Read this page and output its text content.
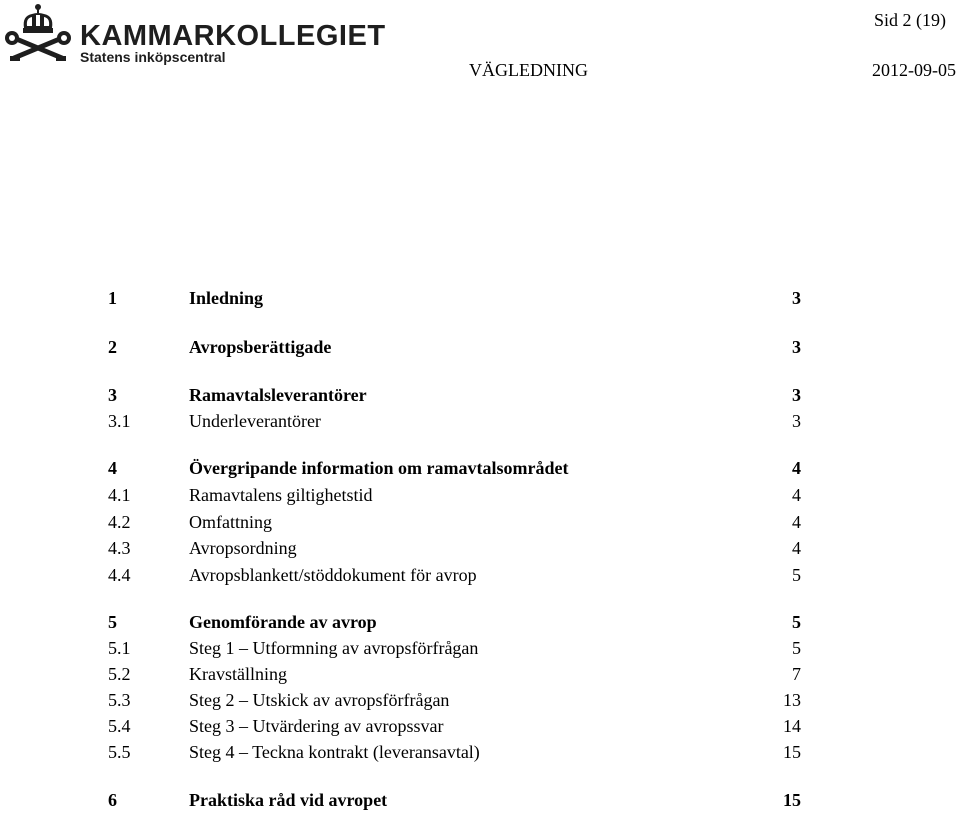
KAMMARKOLLEGIET
Statens inköpscentral
Sid 2 (19)
VÄGLEDNING	2012-09-05
1	Inledning	3
2	Avropsberättigade	3
3	Ramavtalsleverantörer	3
3.1	Underleverantörer	3
4	Övergripande information om ramavtalsområdet	4
4.1	Ramavtalens giltighetstid	4
4.2	Omfattning	4
4.3	Avropsordning	4
4.4	Avropsblankett/stöddokument för avrop	5
5	Genomförande av avrop	5
5.1	Steg 1 – Utformning av avropsförfrågan	5
5.2	Kravställning	7
5.3	Steg 2 – Utskick av avropsförfrågan	13
5.4	Steg 3 – Utvärdering av avropssvar	14
5.5	Steg 4 – Teckna kontrakt (leveransavtal)	15
6	Praktiska råd vid avropet	15
